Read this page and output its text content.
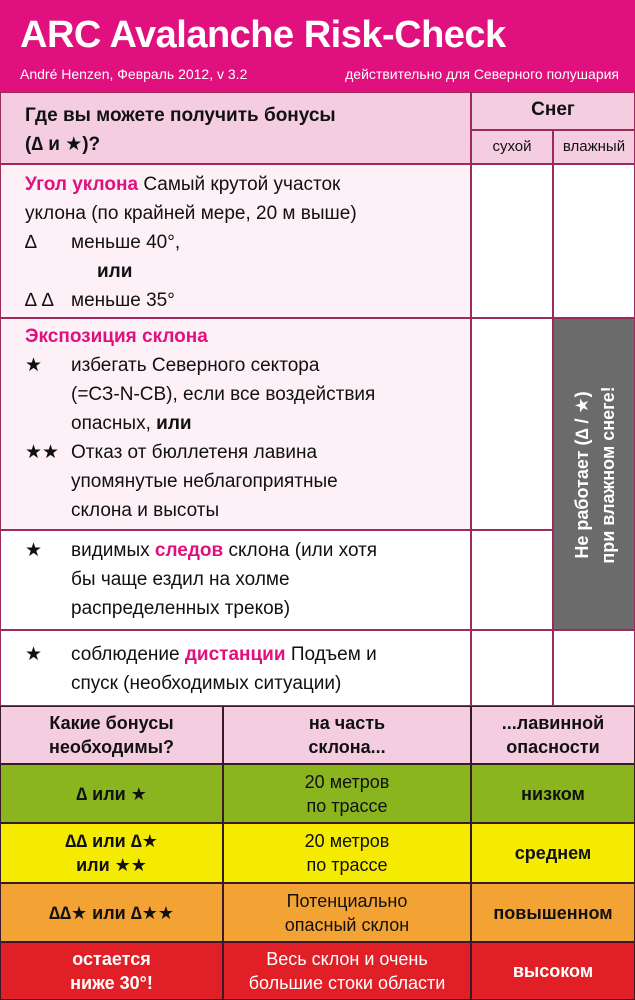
ARC Avalanche Risk-Check
André Henzen, Февраль 2012, v 3.2	действительно для Северного полушария
Где вы можете получить бонусы
(∆ и ★)?
Снег
сухой	влажный
Угол уклона Самый крутой участок
уклона (по крайней мере, 20 м выше)
∆ меньше 40°,
или
∆ ∆ меньше 35°
Экспозиция склона
★ избегать Северного сектора
(=СЗ-N-СВ), если все воздействия
опасных, или
★★ Отказ от бюллетеня лавина
упомянутые неблагоприятные
склона и высоты
★ видимых следов склона (или хотя
бы чаще ездил на холме
распределенных треков)
Не работает (∆ / ★) при влажном снеге!
★ соблюдение дистанции Подъем и
спуск (необходимых ситуации)
Какие бонусы
необходимы?
на часть
склона...
...лавинной
опасности
∆ или ★
20 метров
по трассе
низком
∆∆ или ∆★
или ★★
20 метров
по трассе
среднем
∆∆★ или ∆★★
Потенциально
опасный склон
повышенном
остается
ниже 30°!
Весь склон и очень
большие стоки области
высоком
